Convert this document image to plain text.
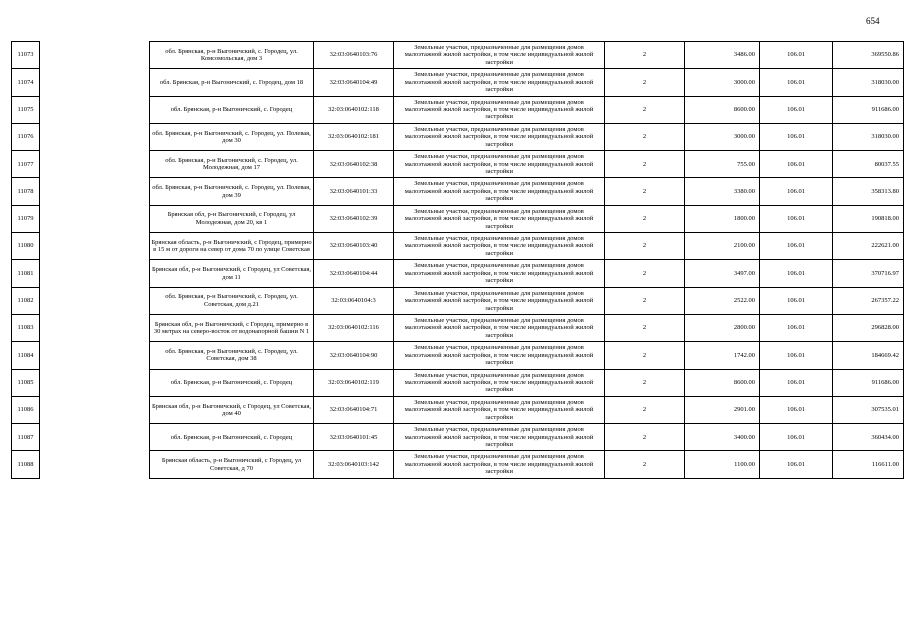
654
11073		обл. Брянская, р-н Выгоничский, с. Городец, ул. Комсомольская, дом 3	32:03:0640103:76	Земельные участки, предназначенные для размещения домов малоэтажной жилой застройки, в том числе индивидуальной жилой застройки	2	3486.00	106.01	369550.86
11074		обл. Брянская, р-н Выгоничский, с. Городец, дом 18	32:03:0640104:49	Земельные участки, предназначенные для размещения домов малоэтажной жилой застройки, в том числе индивидуальной жилой застройки	2	3000.00	106.01	318030.00
11075		обл. Брянская, р-н Выгоничский, с. Городец	32:03:0640102:118	Земельные участки, предназначенные для размещения домов малоэтажной жилой застройки, в том числе индивидуальной жилой застройки	2	8600.00	106.01	911686.00
11076		обл. Брянская, р-н Выгоничский, с. Городец, ул. Полевая, дом 30	32:03:0640102:181	Земельные участки, предназначенные для размещения домов малоэтажной жилой застройки, в том числе индивидуальной жилой застройки	2	3000.00	106.01	318030.00
11077		обл. Брянская, р-н Выгоничский, с. Городец, ул. Молодежная, дом 17	32:03:0640102:38	Земельные участки, предназначенные для размещения домов малоэтажной жилой застройки, в том числе индивидуальной жилой застройки	2	755.00	106.01	80037.55
11078		обл. Брянская, р-н Выгоничский, с. Городец, ул. Полевая, дом 39	32:03:0640101:33	Земельные участки, предназначенные для размещения домов малоэтажной жилой застройки, в том числе индивидуальной жилой застройки	2	3380.00	106.01	358313.80
11079		Брянская обл, р-н Выгоничский, с Городец, ул Молодежная, дом 20, кв 1	32:03:0640102:39	Земельные участки, предназначенные для размещения домов малоэтажной жилой застройки, в том числе индивидуальной жилой застройки	2	1800.00	106.01	190818.00
11080		Брянская область, р-н Выгоничский, с Городец, примерно в 15 м от дороги на север от дома 70 по улице Советская	32:03:0640103:40	Земельные участки, предназначенные для размещения домов малоэтажной жилой застройки, в том числе индивидуальной жилой застройки	2	2100.00	106.01	222621.00
11081		Брянская обл, р-н Выгоничский, с Городец, ул Советская, дом 11	32:03:0640104:44	Земельные участки, предназначенные для размещения домов малоэтажной жилой застройки, в том числе индивидуальной жилой застройки	2	3497.00	106.01	370716.97
11082		обл. Брянская, р-н Выгоничский, с. Городец, ул. Советская, дом д.21	32:03:0640104:3	Земельные участки, предназначенные для размещения домов малоэтажной жилой застройки, в том числе индивидуальной жилой застройки	2	2522.00	106.01	267357.22
11083		Брянская обл, р-н Выгоничский, с Городец, примерно в 30 метрах на северо-восток от водонапорной башни N 1	32:03:0640102:116	Земельные участки, предназначенные для размещения домов малоэтажной жилой застройки, в том числе индивидуальной жилой застройки	2	2800.00	106.01	296828.00
11084		обл. Брянская, р-н Выгоничский, с. Городец, ул. Советская, дом 38	32:03:0640104:90	Земельные участки, предназначенные для размещения домов малоэтажной жилой застройки, в том числе индивидуальной жилой застройки	2	1742.00	106.01	184669.42
11085		обл. Брянская, р-н Выгоничский, с. Городец	32:03:0640102:119	Земельные участки, предназначенные для размещения домов малоэтажной жилой застройки, в том числе индивидуальной жилой застройки	2	8600.00	106.01	911686.00
11086		Брянская обл, р-н Выгоничский, с Городец, ул Советская, дом 40	32:03:0640104:71	Земельные участки, предназначенные для размещения домов малоэтажной жилой застройки, в том числе индивидуальной жилой застройки	2	2901.00	106.01	307535.01
11087		обл. Брянская, р-н Выгоничский, с. Городец	32:03:0640101:45	Земельные участки, предназначенные для размещения домов малоэтажной жилой застройки, в том числе индивидуальной жилой застройки	2	3400.00	106.01	360434.00
11088		Брянская область, р-н Выгоничский, с Городец, ул Советская, д 70	32:03:0640103:142	Земельные участки, предназначенные для размещения домов малоэтажной жилой застройки, в том числе индивидуальной жилой застройки	2	1100.00	106.01	116611.00
